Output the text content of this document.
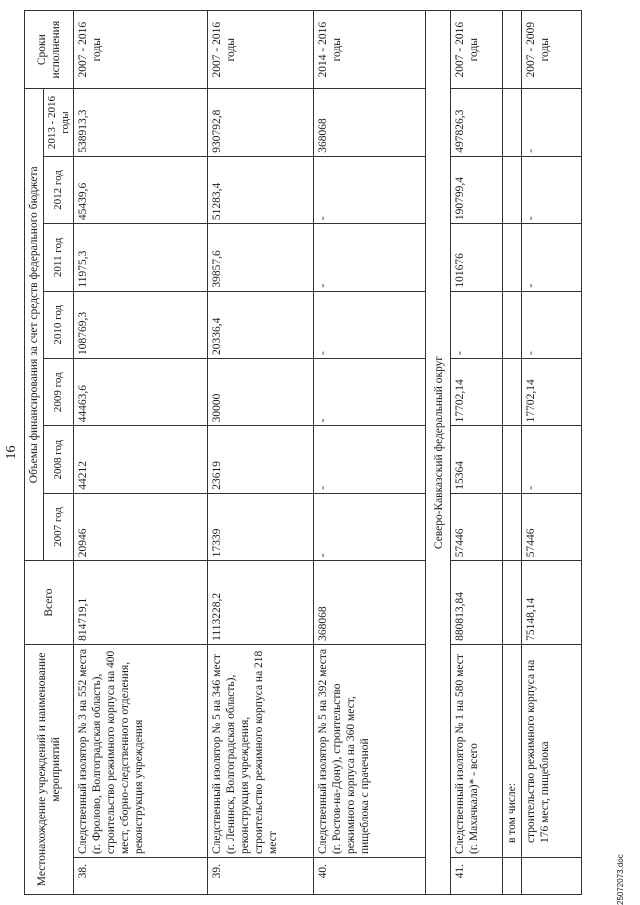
16
Местонахождение учреждений и наименование мероприятий		Всего	Объемы финансирования за счет средств федерального бюджета							Сроки исполнения
			2007 год	2008 год	2009 год	2010 год	2011 год	2012 год	2013 - 2016 годы	
38.	Следственный изолятор № 3 на 552 места (г. Фролово, Волгоградская область), строительство режимного корпуса на 400 мест, сборно-следственного отделения, реконструкция учреждения	814719,1	20946	44212	44463,6	108769,3	11975,3	45439,6	538913,3	2007 - 2016 годы
39.	Следственный изолятор № 5 на 346 мест (г. Ленинск, Волгоградская область), реконструкция учреждения, строительство режимного корпуса на 218 мест	1113228,2	17339	23619	30000	20336,4	39857,6	51283,4	930792,8	2007 - 2016 годы
40.	Следственный изолятор № 5 на 392 места (г. Ростов-на-Дону), строительство режимного корпуса на 360 мест, пищеблока с прачечной	368068	-	-	-	-	-	-	368068	2014 - 2016 годы
Северо-Кавказский федеральный округ										
41.	Следственный изолятор № 1 на 580 мест (г. Махачкала)* - всего	880813,84	57446	15364	17702,14	-	101676	190799,4	497826,3	2007 - 2016 годы
	в том числе:									
	строительство режимного корпуса на 176 мест, пищеблока	75148,14	57446	-	17702,14	-	-	-	-	2007 - 2009 годы
25072073.doc
